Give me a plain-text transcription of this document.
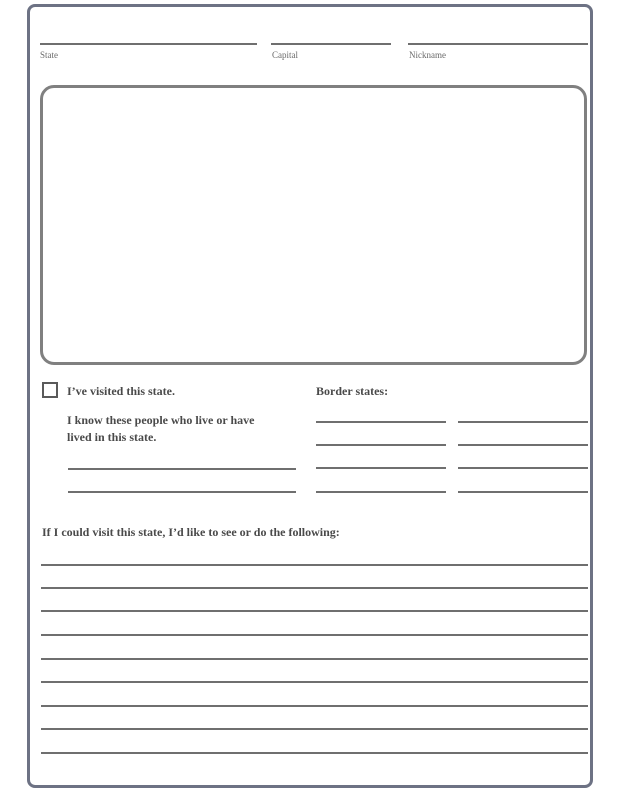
State	Capital	Nickname
I’ve visited this state.
I know these people who live or have
lived in this state.
Border states:
If I could visit this state, I’d like to see or do the following:
